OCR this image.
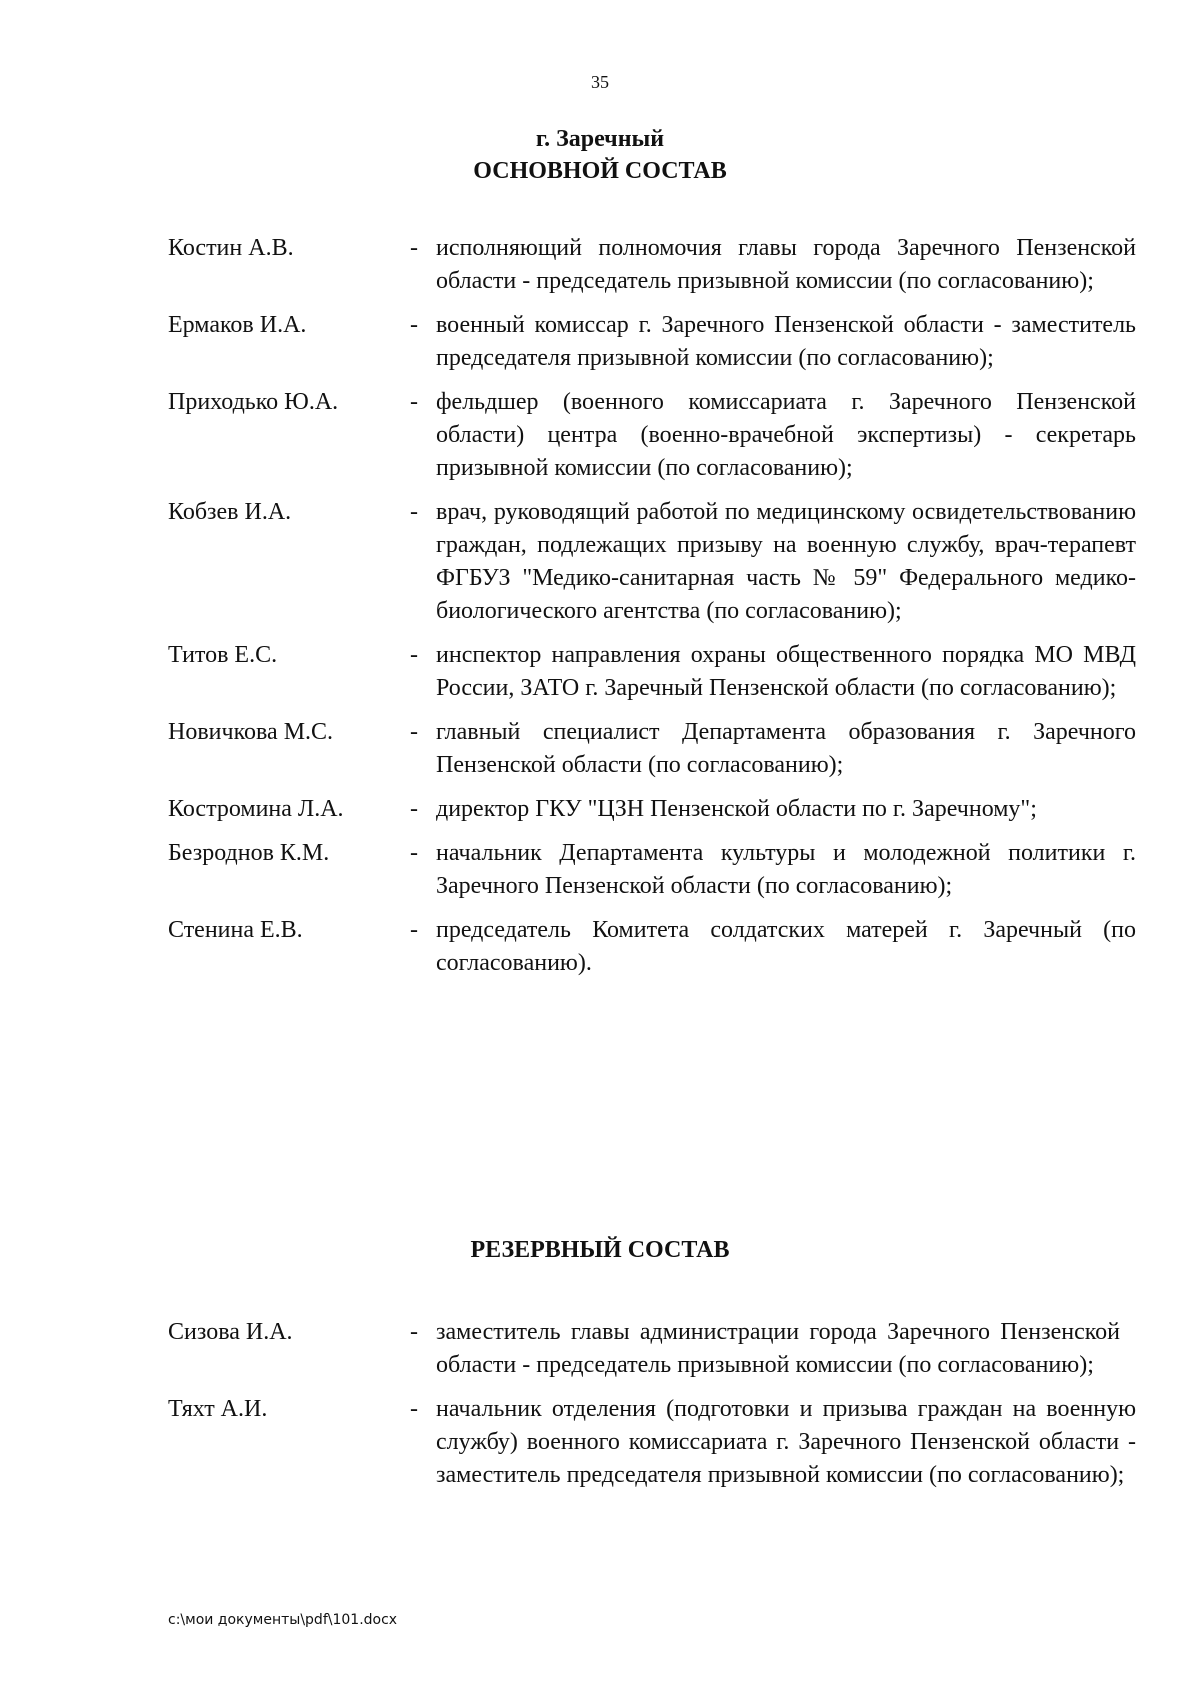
35
г. Заречный
ОСНОВНОЙ СОСТАВ
Костин А.В.	- исполняющий полномочия главы города Заречного Пензенской области - председатель призывной комиссии (по согласованию);

Ермаков И.А.	- военный комиссар г. Заречного Пензенской области - заместитель председателя призывной комиссии (по согласованию);

Приходько Ю.А.	- фельдшер (военного комиссариата г. Заречного Пензенской области) центра (военно-врачебной экспертизы) - секретарь призывной комиссии (по согласованию);

Кобзев И.А.	- врач, руководящий работой по медицинскому освидетельствованию граждан, подлежащих призыву на военную службу, врач-терапевт ФГБУЗ "Медико-санитарная часть № 59" Федерального медико-биологического агентства (по согласованию);

Титов Е.С.	- инспектор направления охраны общественного порядка МО МВД России, ЗАТО г. Заречный Пензенской области (по согласованию);

Новичкова М.С.	- главный специалист Департамента образования г. Заречного Пензенской области (по согласованию);

Костромина Л.А.	- директор ГКУ "ЦЗН Пензенской области по г. Заречному";

Безроднов К.М.	- начальник Департамента культуры и молодежной политики г. Заречного Пензенской области (по согласованию);

Стенина Е.В.	- председатель Комитета солдатских матерей г. Заречный (по согласованию).

РЕЗЕРВНЫЙ СОСТАВ
Сизова И.А.	- заместитель главы администрации города Заречного Пензенской области - председатель призывной комиссии (по согласованию);

Тяхт А.И.	- начальник отделения (подготовки и призыва граждан на военную службу) военного комиссариата г. Заречного Пензенской области - заместитель председателя призывной комиссии (по согласованию);

c:\мои документы\pdf\101.docx
